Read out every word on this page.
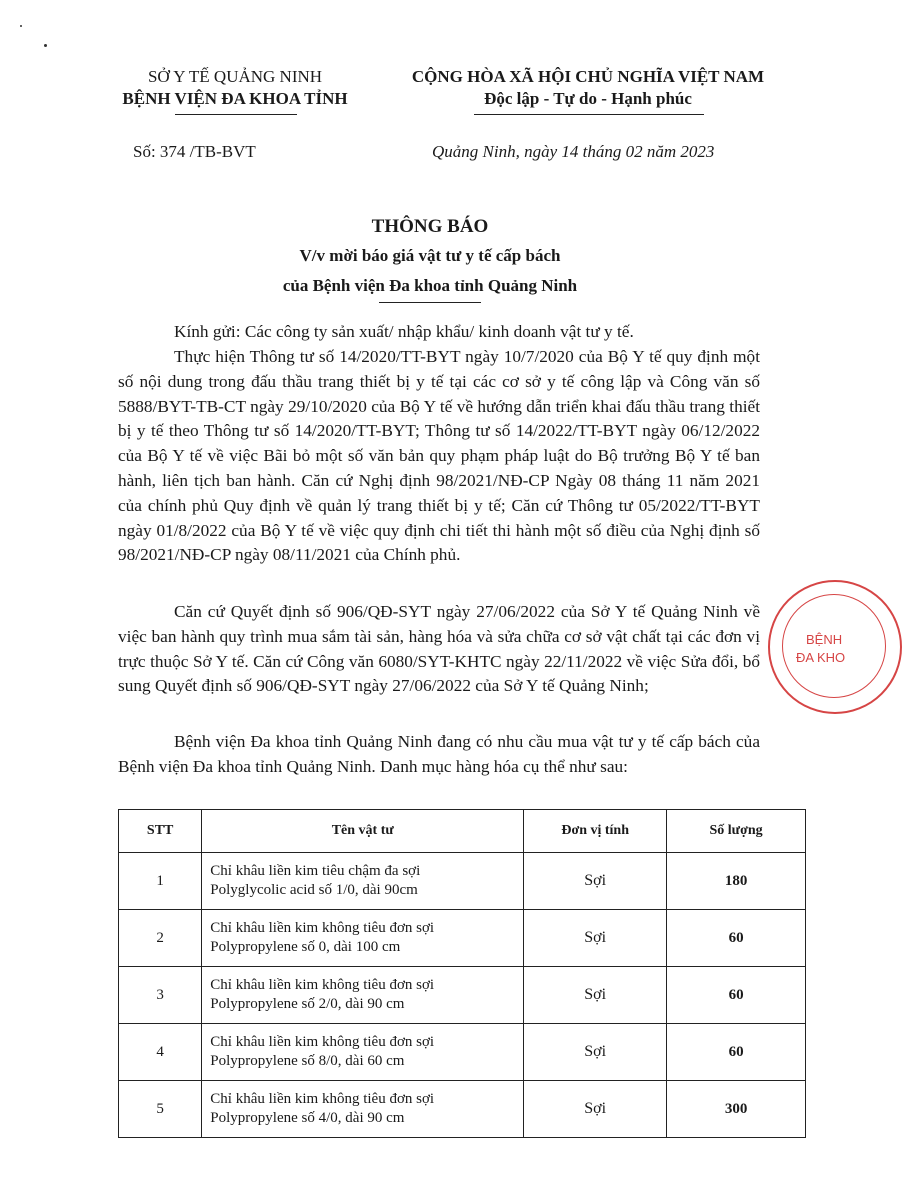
SỞ Y TẾ QUẢNG NINH
BỆNH VIỆN ĐA KHOA TỈNH
Số: 374 /TB-BVT
CỘNG HÒA XÃ HỘI CHỦ NGHĨA VIỆT NAM
Độc lập - Tự do - Hạnh phúc
Quảng Ninh, ngày 14 tháng 02 năm 2023
THÔNG BÁO
V/v mời báo giá vật tư y tế cấp bách
của Bệnh viện Đa khoa tỉnh Quảng Ninh

Kính gửi: Các công ty sản xuất/ nhập khẩu/ kinh doanh vật tư y tế.

Thực hiện Thông tư số 14/2020/TT-BYT ngày 10/7/2020 của Bộ Y tế quy định một số nội dung trong đấu thầu trang thiết bị y tế tại các cơ sở y tế công lập và Công văn số 5888/BYT-TB-CT ngày 29/10/2020 của Bộ Y tế về hướng dẫn triển khai đấu thầu trang thiết bị y tế theo Thông tư số 14/2020/TT-BYT; Thông tư số 14/2022/TT-BYT ngày 06/12/2022 của Bộ Y tế về việc Bãi bỏ một số văn bản quy phạm pháp luật do Bộ trưởng Bộ Y tế ban hành, liên tịch ban hành. Căn cứ Nghị định 98/2021/NĐ-CP Ngày 08 tháng 11 năm 2021 của chính phủ Quy định về quản lý trang thiết bị y tế; Căn cứ Thông tư 05/2022/TT-BYT ngày 01/8/2022 của Bộ Y tế về việc quy định chi tiết thi hành một số điều của Nghị định số 98/2021/NĐ-CP ngày 08/11/2021 của Chính phủ.

Căn cứ Quyết định số 906/QĐ-SYT ngày 27/06/2022 của Sở Y tế Quảng Ninh về việc ban hành quy trình mua sắm tài sản, hàng hóa và sửa chữa cơ sở vật chất tại các đơn vị trực thuộc Sở Y tế. Căn cứ Công văn 6080/SYT-KHTC ngày 22/11/2022 về việc Sửa đổi, bổ sung Quyết định số 906/QĐ-SYT ngày 27/06/2022 của Sở Y tế Quảng Ninh;

Bệnh viện Đa khoa tỉnh Quảng Ninh đang có nhu cầu mua vật tư y tế cấp bách của Bệnh viện Đa khoa tỉnh Quảng Ninh. Danh mục hàng hóa cụ thể như sau:

STT	Tên vật tư	Đơn vị tính	Số lượng
1	Chỉ khâu liền kim tiêu chậm đa sợi
Polyglycolic acid số 1/0, dài 90cm	Sợi	180
2	Chỉ khâu liền kim không tiêu đơn sợi
Polypropylene số 0, dài 100 cm	Sợi	60
3	Chỉ khâu liền kim không tiêu đơn sợi
Polypropylene số 2/0, dài 90 cm	Sợi	60
4	Chỉ khâu liền kim không tiêu đơn sợi
Polypropylene số 8/0, dài 60 cm	Sợi	60
5	Chỉ khâu liền kim không tiêu đơn sợi
Polypropylene số 4/0, dài 90 cm	Sợi	300
BỆNH
ĐA KHO
